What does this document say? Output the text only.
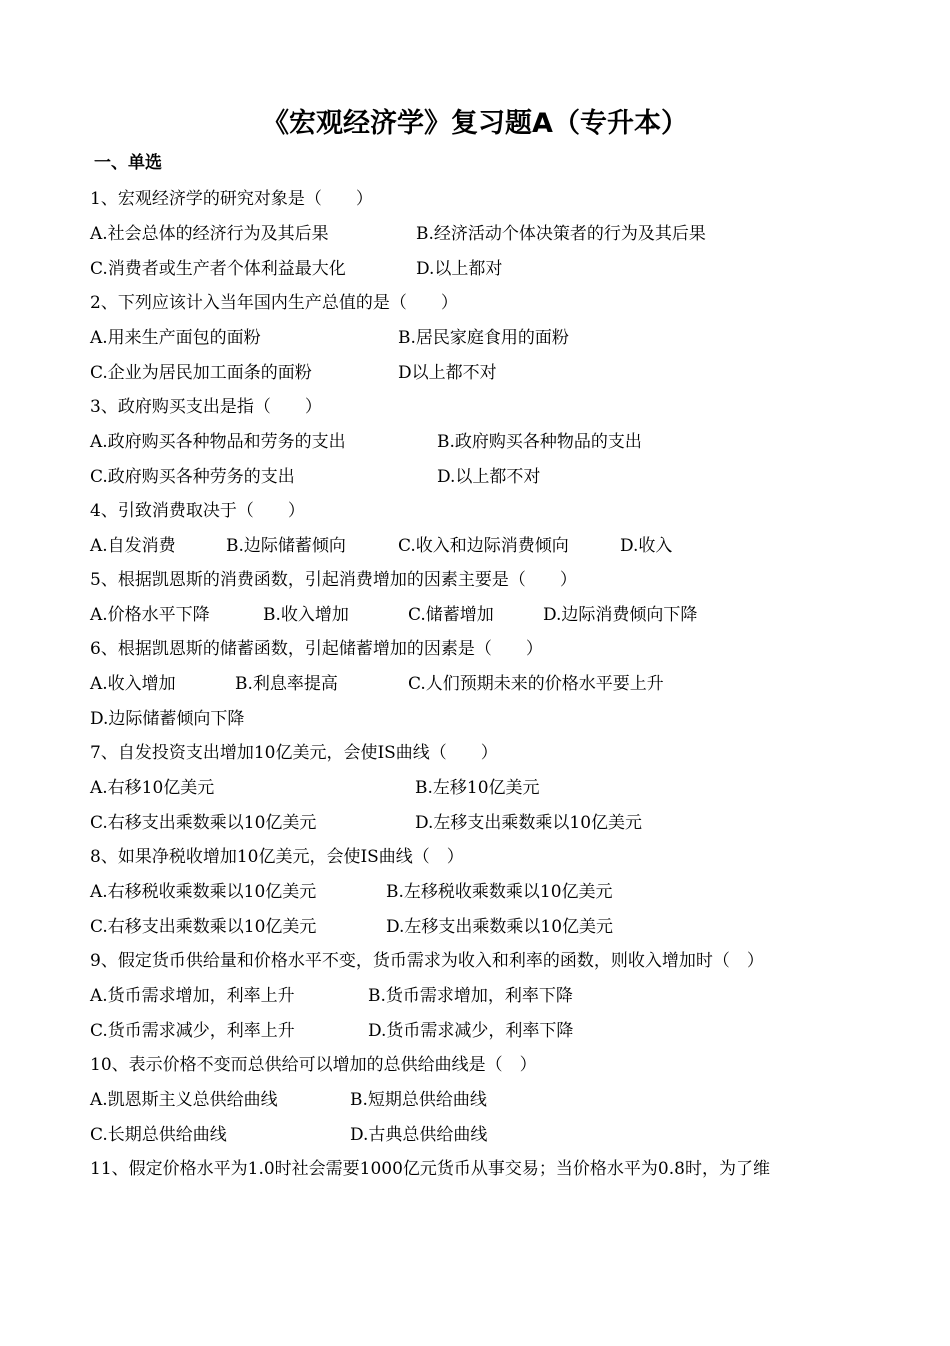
《宏观经济学》复习题A（专升本）
一、单选
1、宏观经济学的研究对象是（　　）
A.社会总体的经济行为及其后果	B.经济活动个体决策者的行为及其后果
C.消费者或生产者个体利益最大化	D.以上都对
2、下列应该计入当年国内生产总值的是（　　）
A.用来生产面包的面粉	B.居民家庭食用的面粉
C.企业为居民加工面条的面粉	D以上都不对
3、政府购买支出是指（　　）
A.政府购买各种物品和劳务的支出	B.政府购买各种物品的支出
C.政府购买各种劳务的支出	D.以上都不对
4、引致消费取决于（　　）
A.自发消费	B.边际储蓄倾向	C.收入和边际消费倾向	D.收入
5、根据凯恩斯的消费函数，引起消费增加的因素主要是（　　）
A.价格水平下降	B.收入增加	C.储蓄增加	D.边际消费倾向下降
6、根据凯恩斯的储蓄函数，引起储蓄增加的因素是（　　）
A.收入增加	B.利息率提高	C.人们预期未来的价格水平要上升
D.边际储蓄倾向下降
7、自发投资支出增加10亿美元，会使IS曲线（　　）
A.右移10亿美元	B.左移10亿美元
C.右移支出乘数乘以10亿美元	D.左移支出乘数乘以10亿美元
8、如果净税收增加10亿美元，会使IS曲线（　）
A.右移税收乘数乘以10亿美元	B.左移税收乘数乘以10亿美元
C.右移支出乘数乘以10亿美元	D.左移支出乘数乘以10亿美元
9、假定货币供给量和价格水平不变，货币需求为收入和利率的函数，则收入增加时（　）
A.货币需求增加，利率上升	B.货币需求增加，利率下降
C.货币需求减少，利率上升	D.货币需求减少，利率下降
10、表示价格不变而总供给可以增加的总供给曲线是（　）
A.凯恩斯主义总供给曲线	B.短期总供给曲线
C.长期总供给曲线	D.古典总供给曲线
11、假定价格水平为1.0时社会需要1000亿元货币从事交易；当价格水平为0.8时，为了维
